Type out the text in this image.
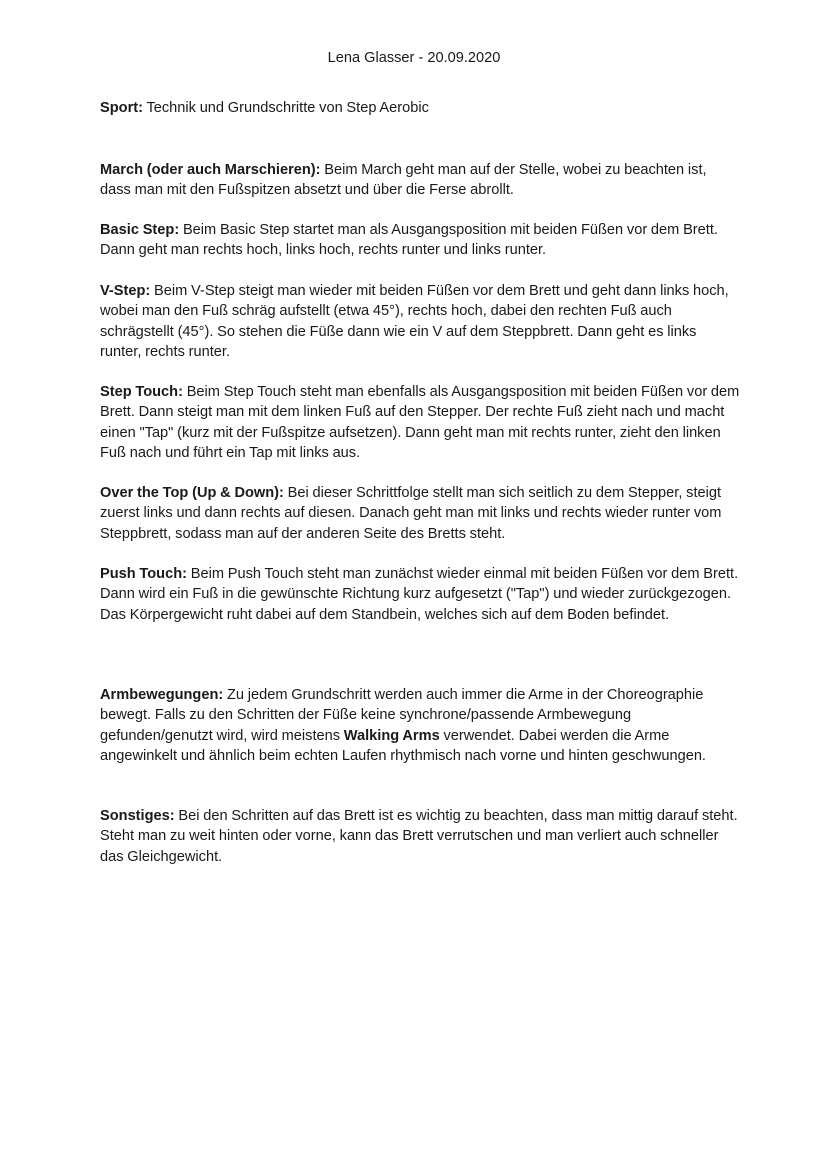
Lena Glasser - 20.09.2020

Sport: Technik und Grundschritte von Step Aerobic

March (oder auch Marschieren): Beim March geht man auf der Stelle, wobei zu beachten ist, dass man mit den Fußspitzen absetzt und über die Ferse abrollt.

Basic Step: Beim Basic Step startet man als Ausgangsposition mit beiden Füßen vor dem Brett. Dann geht man rechts hoch, links hoch, rechts runter und links runter.

V-Step: Beim V-Step steigt man wieder mit beiden Füßen vor dem Brett und geht dann links hoch, wobei man den Fuß schräg aufstellt (etwa 45°), rechts hoch, dabei den rechten Fuß auch schrägstellt (45°). So stehen die Füße dann wie ein V auf dem Steppbrett. Dann geht es links runter, rechts runter.

Step Touch: Beim Step Touch steht man ebenfalls als Ausgangsposition mit beiden Füßen vor dem Brett. Dann steigt man mit dem linken Fuß auf den Stepper. Der rechte Fuß zieht nach und macht einen "Tap" (kurz mit der Fußspitze aufsetzen). Dann geht man mit rechts runter, zieht den linken Fuß nach und führt ein Tap mit links aus.

Over the Top (Up & Down): Bei dieser Schrittfolge stellt man sich seitlich zu dem Stepper, steigt zuerst links und dann rechts auf diesen. Danach geht man mit links und rechts wieder runter vom Steppbrett, sodass man auf der anderen Seite des Bretts steht.

Push Touch: Beim Push Touch steht man zunächst wieder einmal mit beiden Füßen vor dem Brett. Dann wird ein Fuß in die gewünschte Richtung kurz aufgesetzt ("Tap") und wieder zurückgezogen. Das Körpergewicht ruht dabei auf dem Standbein, welches sich auf dem Boden befindet.

Armbewegungen: Zu jedem Grundschritt werden auch immer die Arme in der Choreographie bewegt. Falls zu den Schritten der Füße keine synchrone/passende Armbewegung gefunden/genutzt wird, wird meistens Walking Arms verwendet. Dabei werden die Arme angewinkelt und ähnlich beim echten Laufen rhythmisch nach vorne und hinten geschwungen.

Sonstiges: Bei den Schritten auf das Brett ist es wichtig zu beachten, dass man mittig darauf steht. Steht man zu weit hinten oder vorne, kann das Brett verrutschen und man verliert auch schneller das Gleichgewicht.
